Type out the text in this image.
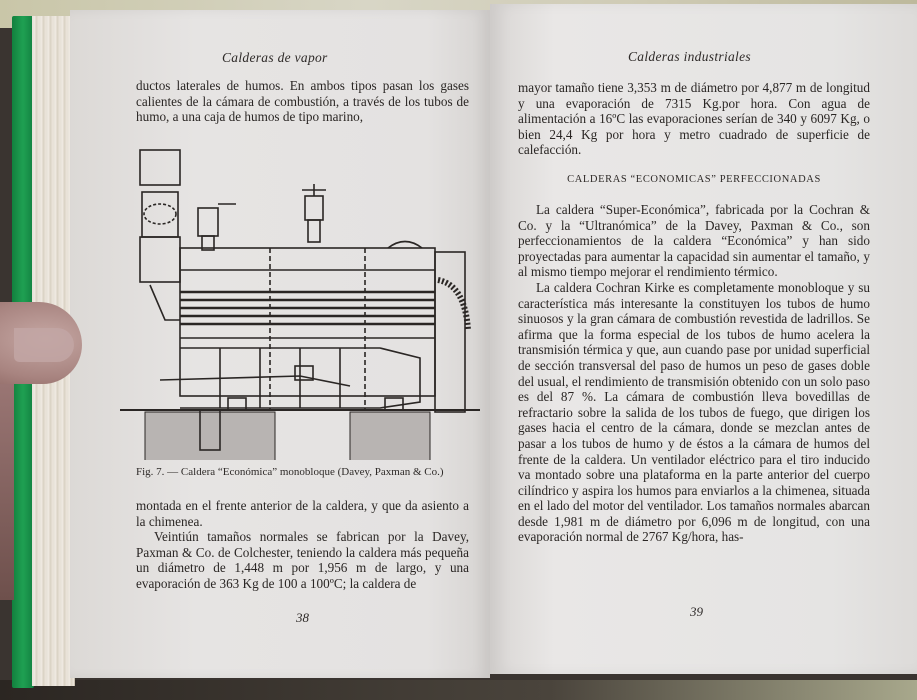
Calderas de vapor

ductos laterales de humos. En ambos tipos pasan los gases calientes de la cámara de combustión, a través de los tubos de humo, a una caja de humos de tipo marino,

Fig. 7. — Caldera “Económica” monobloque (Davey, Paxman & Co.)

montada en el frente anterior de la caldera, y que da asiento a la chimenea.

Veintiún tamaños normales se fabrican por la Davey, Paxman & Co. de Colchester, teniendo la caldera más pequeña un diámetro de 1,448 m por 1,956 m de largo, y una evaporación de 363 Kg de 100 a 100ºC; la caldera de

38
Calderas industriales

mayor tamaño tiene 3,353 m de diámetro por 4,877 m de longitud y una evaporación de 7315 Kg.por hora. Con agua de alimentación a 16ºC las evaporaciones serían de 340 y 6097 Kg, o bien 24,4 Kg por hora y metro cuadrado de superficie de calefacción.

CALDERAS “ECONOMICAS” PERFECCIONADAS

La caldera “Super-Económica”, fabricada por la Cochran & Co. y la “Ultranómica” de la Davey, Paxman & Co., son perfeccionamientos de la caldera “Económica” y han sido proyectadas para aumentar la capacidad sin aumentar el tamaño, y al mismo tiempo mejorar el rendimiento térmico.

La caldera Cochran Kirke es completamente monobloque y su característica más interesante la constituyen los tubos de humo sinuosos y la gran cámara de combustión revestida de ladrillos. Se afirma que la forma especial de los tubos de humo acelera la transmisión térmica y que, aun cuando pase por unidad superficial de sección transversal del paso de humos un peso de gases doble del usual, el rendimiento de transmisión obtenido con un solo paso es del 87 %. La cámara de combustión lleva bovedillas de refractario sobre la salida de los tubos de fuego, que dirigen los gases hacia el centro de la cámara, donde se mezclan antes de pasar a los tubos de humo y de éstos a la cámara de humos del frente de la caldera. Un ventilador eléctrico para el tiro inducido va montado sobre una plataforma en la parte anterior del cuerpo cilíndrico y aspira los humos para enviarlos a la chimenea, situada en el lado del motor del ventilador. Los tamaños normales abarcan desde 1,981 m de diámetro por 6,096 m de longitud, con una evaporación normal de 2767 Kg/hora, has-

39
